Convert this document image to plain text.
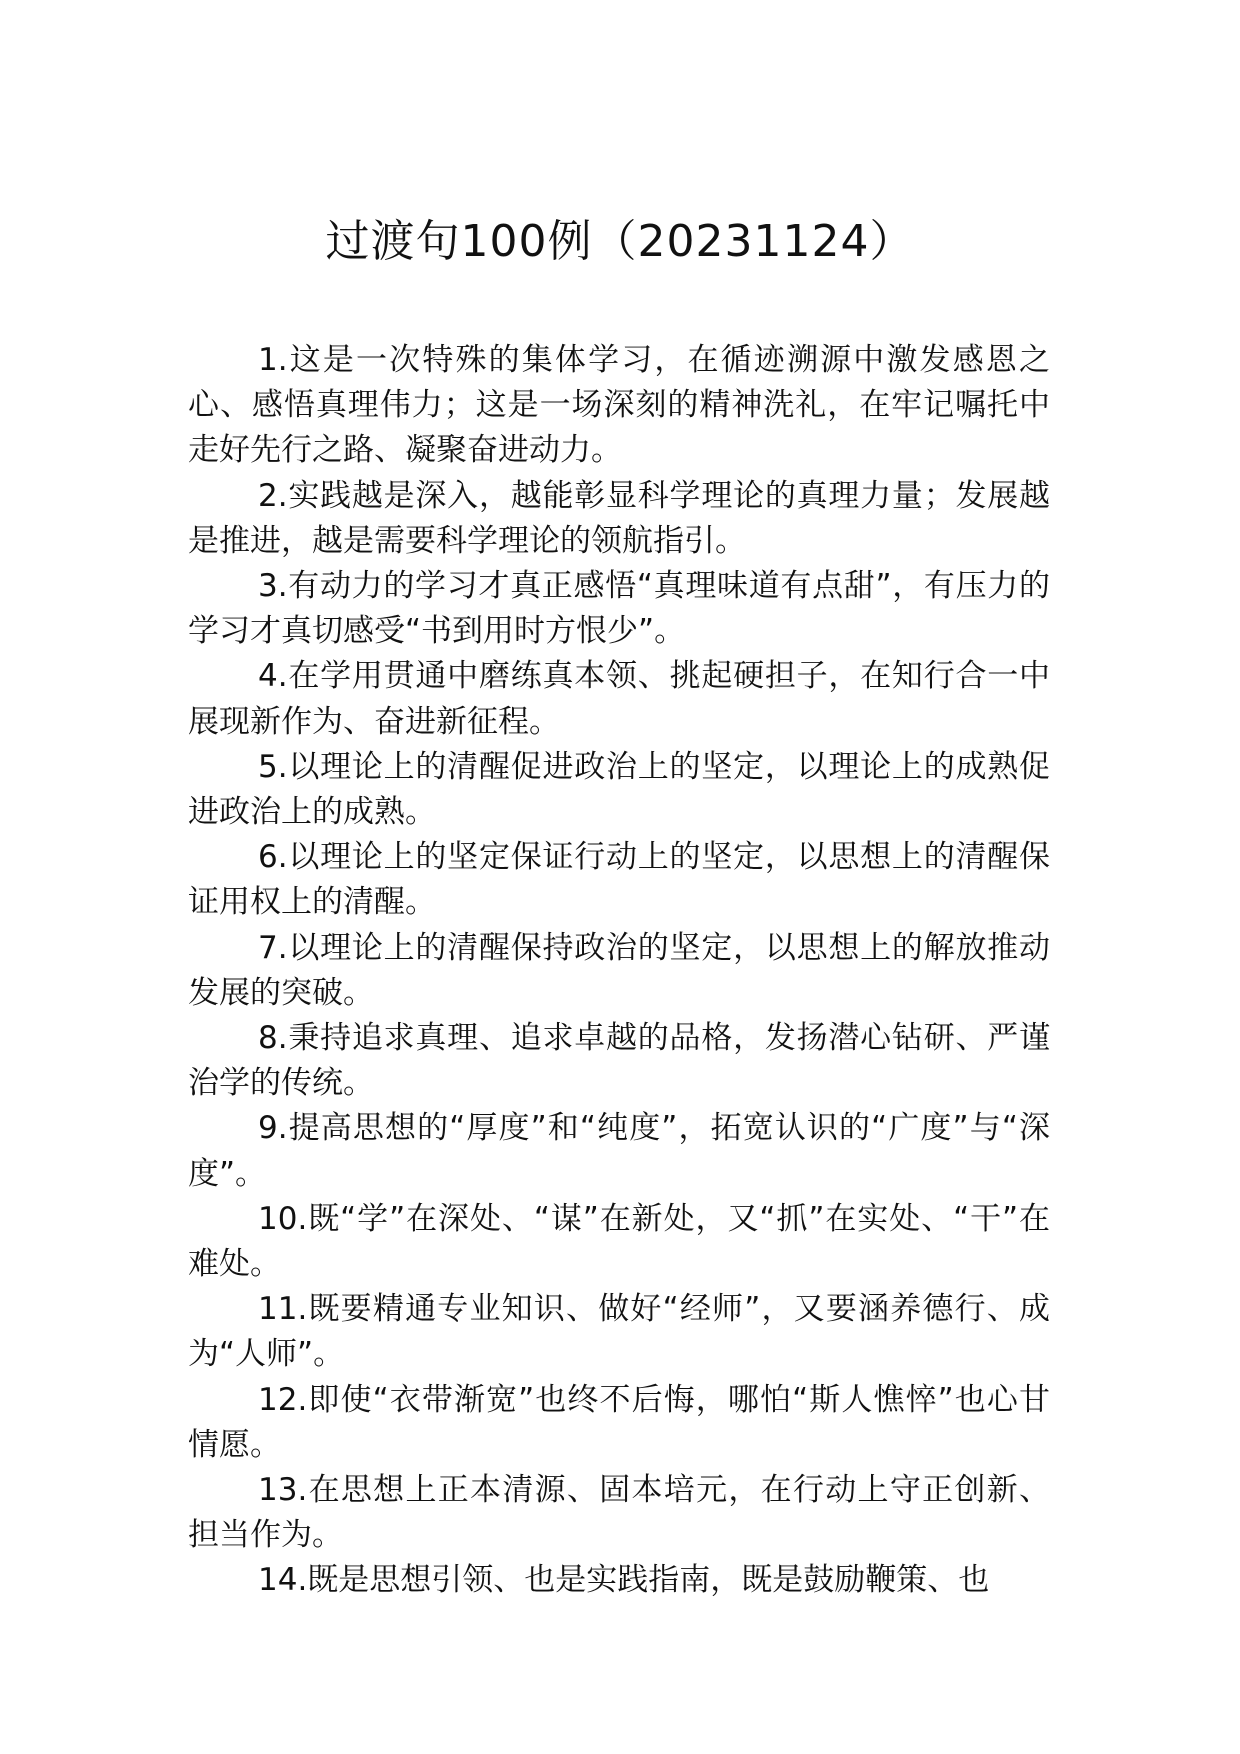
过渡句100例（20231124）

1.这是一次特殊的集体学习，在循迹溯源中激发感恩之心、感悟真理伟力；这是一场深刻的精神洗礼，在牢记嘱托中走好先行之路、凝聚奋进动力。

2.实践越是深入，越能彰显科学理论的真理力量；发展越是推进，越是需要科学理论的领航指引。

3.有动力的学习才真正感悟“真理味道有点甜”，有压力的学习才真切感受“书到用时方恨少”。

4.在学用贯通中磨练真本领、挑起硬担子，在知行合一中展现新作为、奋进新征程。

5.以理论上的清醒促进政治上的坚定，以理论上的成熟促进政治上的成熟。

6.以理论上的坚定保证行动上的坚定，以思想上的清醒保证用权上的清醒。

7.以理论上的清醒保持政治的坚定，以思想上的解放推动发展的突破。

8.秉持追求真理、追求卓越的品格，发扬潜心钻研、严谨治学的传统。

9.提高思想的“厚度”和“纯度”，拓宽认识的“广度”与“深度”。

10.既“学”在深处、“谋”在新处，又“抓”在实处、“干”在难处。

11.既要精通专业知识、做好“经师”，又要涵养德行、成为“人师”。

12.即使“衣带渐宽”也终不后悔，哪怕“斯人憔悴”也心甘情愿。

13.在思想上正本清源、固本培元，在行动上守正创新、担当作为。

14.既是思想引领、也是实践指南，既是鼓励鞭策、也
